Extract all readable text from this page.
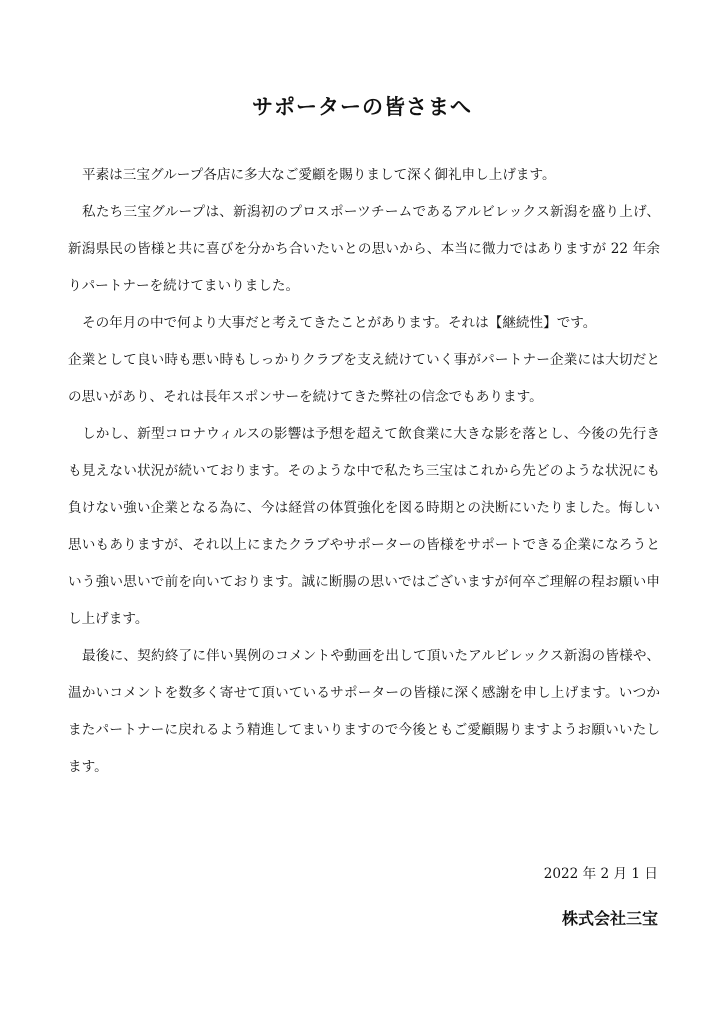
サポーターの皆さまへ

平素は三宝グループ各店に多大なご愛顧を賜りまして深く御礼申し上げます。

私たち三宝グループは、新潟初のプロスポーツチームであるアルビレックス新潟を盛り上げ、新潟県民の皆様と共に喜びを分かち合いたいとの思いから、本当に微力ではありますが 22 年余りパートナーを続けてまいりました。

その年月の中で何より大事だと考えてきたことがあります。それは【継続性】です。

企業として良い時も悪い時もしっかりクラブを支え続けていく事がパートナー企業には大切だとの思いがあり、それは長年スポンサーを続けてきた弊社の信念でもあります。

しかし、新型コロナウィルスの影響は予想を超えて飲食業に大きな影を落とし、今後の先行きも見えない状況が続いております。そのような中で私たち三宝はこれから先どのような状況にも負けない強い企業となる為に、今は経営の体質強化を図る時期との決断にいたりました。悔しい思いもありますが、それ以上にまたクラブやサポーターの皆様をサポートできる企業になろうという強い思いで前を向いております。誠に断腸の思いではございますが何卒ご理解の程お願い申し上げます。

最後に、契約終了に伴い異例のコメントや動画を出して頂いたアルビレックス新潟の皆様や、温かいコメントを数多く寄せて頂いているサポーターの皆様に深く感謝を申し上げます。いつかまたパートナーに戻れるよう精進してまいりますので今後ともご愛顧賜りますようお願いいたします。

2022 年 2 月 1 日
株式会社三宝
